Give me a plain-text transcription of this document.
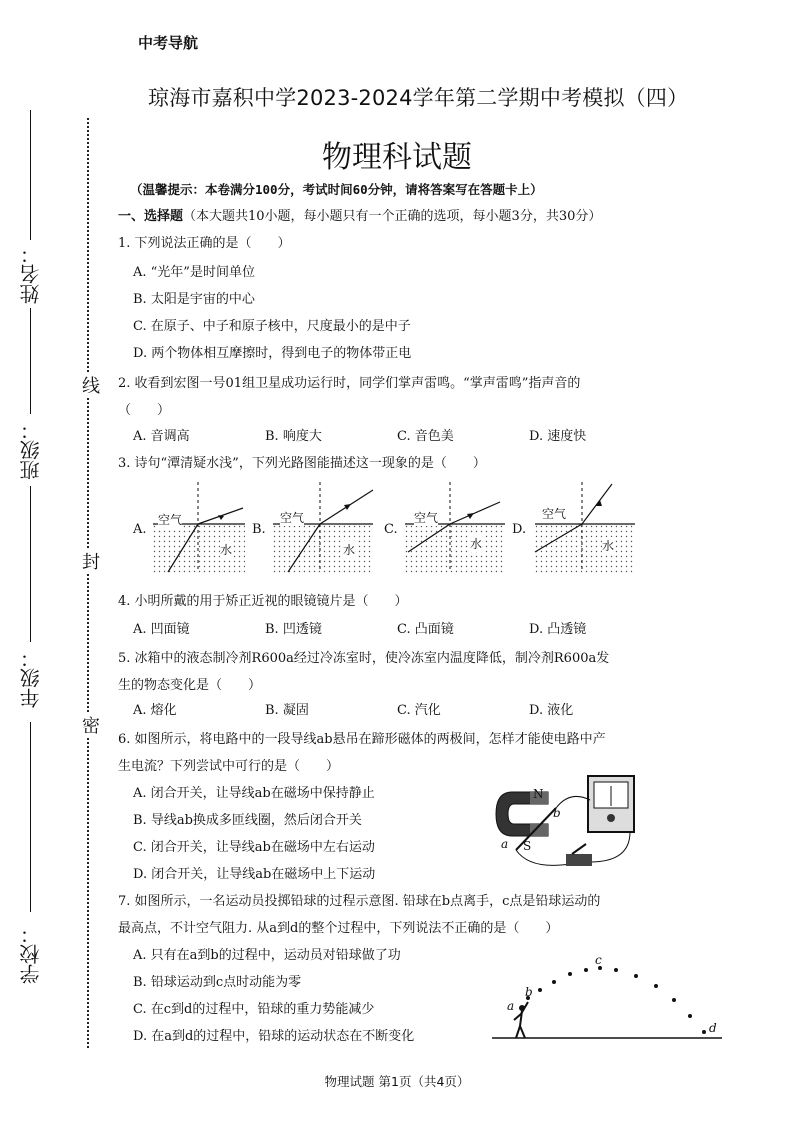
中考导航
琼海市嘉积中学2023-2024学年第二学期中考模拟（四）
物理科试题
（温馨提示：本卷满分100分，考试时间60分钟，请将答案写在答题卡上）
线
封
密
姓名：
班级：
年级：
学校：
一、选择题（本大题共10小题，每小题只有一个正确的选项，每小题3分，共30分）
1. 下列说法正确的是（　　）
A. “光年”是时间单位
B. 太阳是宇宙的中心
C. 在原子、中子和原子核中，尺度最小的是中子
D. 两个物体相互摩擦时，得到电子的物体带正电
2. 收看到宏图一号01组卫星成功运行时，同学们掌声雷鸣。“掌声雷鸣”指声音的
（　　）
A. 音调高	B. 响度大	C. 音色美	D. 速度快
3. 诗句“潭清疑水浅”，下列光路图能描述这一现象的是（　　）
A.	B.	C.	D.
空气
水
空气
水
空气
水
空气
水
4. 小明所戴的用于矫正近视的眼镜镜片是（　　）
A. 凹面镜	B. 凹透镜	C. 凸面镜	D. 凸透镜
5. 冰箱中的液态制冷剂R600a经过冷冻室时，使冷冻室内温度降低，制冷剂R600a发
生的物态变化是（　　）
A. 熔化	B. 凝固	C. 汽化	D. 液化
6. 如图所示，将电路中的一段导线ab悬吊在蹄形磁体的两极间，怎样才能使电路中产
生电流？下列尝试中可行的是（　　）
A. 闭合开关，让导线ab在磁场中保持静止
B. 导线ab换成多匝线圈，然后闭合开关
C. 闭合开关，让导线ab在磁场中左右运动
D. 闭合开关，让导线ab在磁场中上下运动
N
S
a
b
7. 如图所示，一名运动员投掷铅球的过程示意图. 铅球在b点离手，c点是铅球运动的
最高点，不计空气阻力. 从a到d的整个过程中，下列说法不正确的是（　　）
A. 只有在a到b的过程中，运动员对铅球做了功
B. 铅球运动到c点时动能为零
C. 在c到d的过程中，铅球的重力势能减少
D. 在a到d的过程中，铅球的运动状态在不断变化
a
b
c
d
物理试题 第1页（共4页）
